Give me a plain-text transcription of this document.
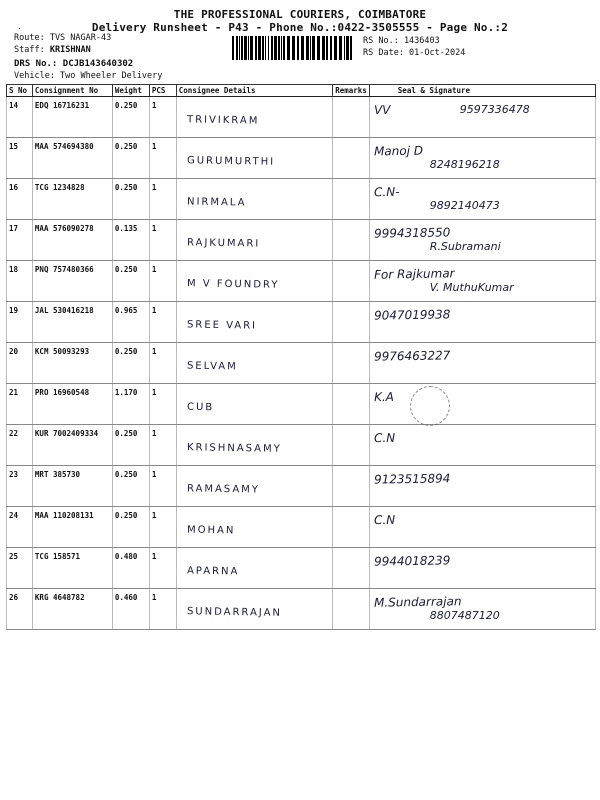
.
THE PROFESSIONAL COURIERS, COIMBATORE
Delivery Runsheet - P43 - Phone No.:0422-3505555 - Page No.:2
Route: TVS NAGAR-43
Staff: KRISHNAN
DRS No.: DCJB143640302
Vehicle: Two Wheeler Delivery
RS No.: 1436403
RS Date: 01-Oct-2024
S No	Consignment No	Weight	PCS	Consignee Details	Remarks	Seal & Signature

14	EDQ 16716231	0.250	1	TRIVIKRAM		VV 9597336478

15	MAA 574694380	0.250	1	GURUMURTHI		Manoj D
8248196218

16	TCG 1234828	0.250	1	NIRMALA		C.N-
9892140473

17	MAA 576090278	0.135	1	RAJKUMARI		9994318550
R.Subramani

18	PNQ 757480366	0.250	1	M V FOUNDRY		For Rajkumar
V. MuthuKumar

19	JAL 530416218	0.965	1	SREE VARI		9047019938

20	KCM 50093293	0.250	1	SELVAM		9976463227

21	PRO 16960548	1.170	1	CUB		K.A

22	KUR 7002409334	0.250	1	KRISHNASAMY		C.N

23	MRT 385730	0.250	1	RAMASAMY		9123515894

24	MAA 110208131	0.250	1	MOHAN		C.N

25	TCG 158571	0.480	1	APARNA		9944018239

26	KRG 4648782	0.460	1	SUNDARRAJAN		M.Sundarrajan
8807487120
